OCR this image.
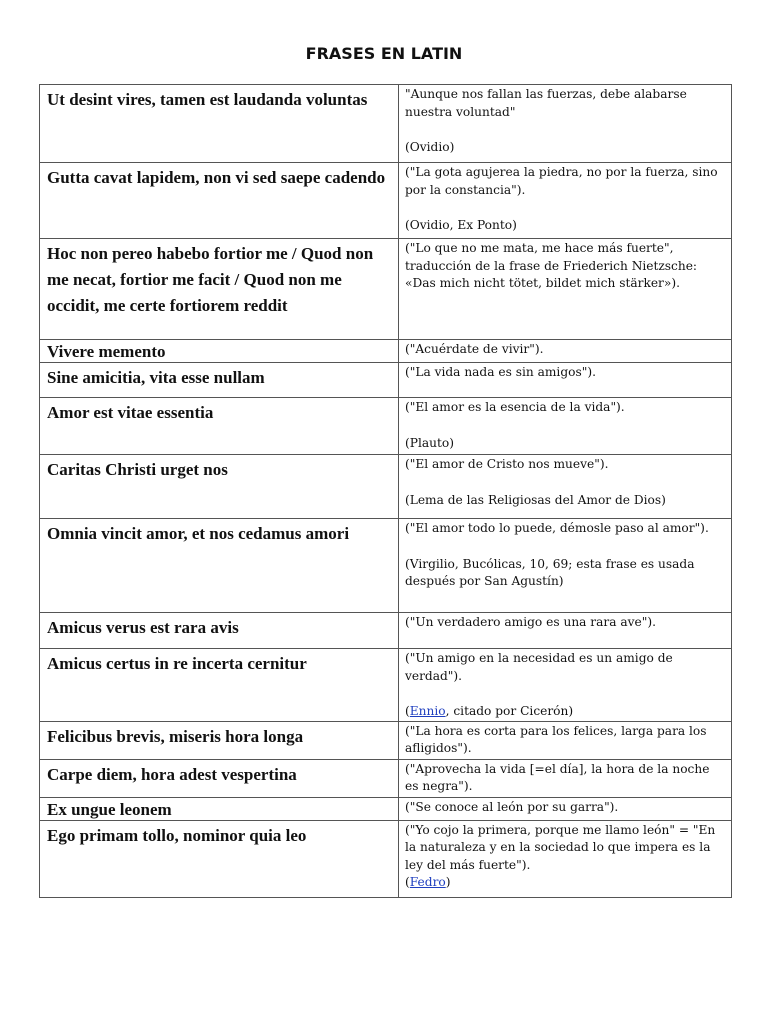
FRASES EN LATIN
Ut desint vires, tamen est laudanda voluntas	"Aunque nos fallan las fuerzas, debe alabarse nuestra voluntad"

(Ovidio)

Gutta cavat lapidem, non vi sed saepe cadendo	("La gota agujerea la piedra, no por la fuerza, sino por la constancia").

(Ovidio, Ex Ponto)

Hoc non pereo habebo fortior me / Quod non me necat, fortior me facit / Quod non me occidit, me certe fortiorem reddit	("Lo que no me mata, me hace más fuerte", traducción de la frase de Friederich Nietzsche: «Das mich nicht tötet, bildet mich stärker»).

Vivere memento	("Acuérdate de vivir").

Sine amicitia, vita esse nullam	("La vida nada es sin amigos").

Amor est vitae essentia	("El amor es la esencia de la vida").

(Plauto)

Caritas Christi urget nos	("El amor de Cristo nos mueve").

(Lema de las Religiosas del Amor de Dios)

Omnia vincit amor, et nos cedamus amori	("El amor todo lo puede, démosle paso al amor").

(Virgilio, Bucólicas, 10, 69; esta frase es usada después por San Agustín)

Amicus verus est rara avis	("Un verdadero amigo es una rara ave").

Amicus certus in re incerta cernitur	("Un amigo en la necesidad es un amigo de verdad").

(Ennio, citado por Cicerón)

Felicibus brevis, miseris hora longa	("La hora es corta para los felices, larga para los afligidos").

Carpe diem, hora adest vespertina	("Aprovecha la vida [=el día], la hora de la noche es negra").

Ex ungue leonem	("Se conoce al león por su garra").

Ego primam tollo, nominor quia leo	("Yo cojo la primera, porque me llamo león" = "En la naturaleza y en la sociedad lo que impera es la ley del más fuerte").

(Fedro)
